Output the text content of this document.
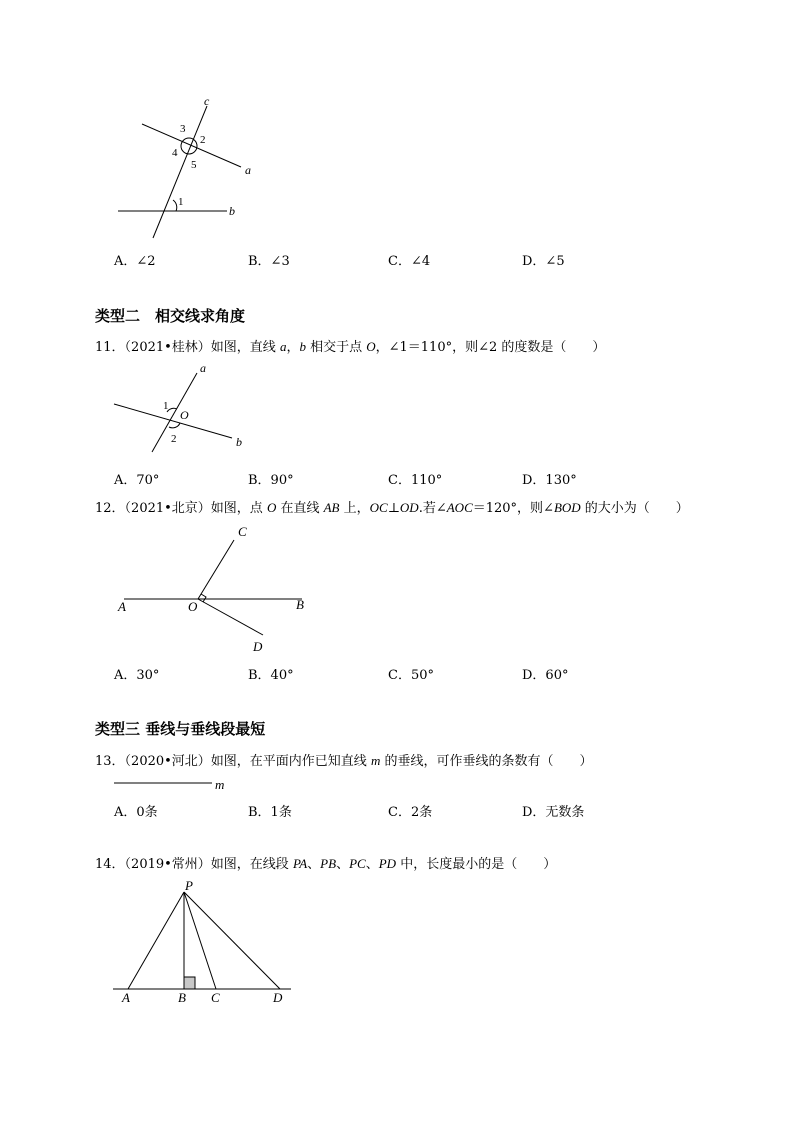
c
a
b
3
2
4
5
1
A．∠2	B．∠3	C．∠4	D．∠5
类型二　相交线求角度
11．（2021•桂林）如图，直线 a，b 相交于点 O，∠1＝110°，则∠2 的度数是（　　）
a
b
O
1
2
A．70°	B．90°	C．110°	D．130°
12．（2021•北京）如图，点 O 在直线 AB 上，OC⊥OD.若∠AOC＝120°，则∠BOD 的大小为（　　）
C
A	O	B
D
A．30°	B．40°	C．50°	D．60°
类型三 垂线与垂线段最短
13．（2020•河北）如图，在平面内作已知直线 m 的垂线，可作垂线的条数有（　　）
m
A．0条	B．1条	C．2条	D．无数条
14．（2019•常州）如图，在线段 PA、PB、PC、PD 中，长度最小的是（　　）
P
A	B C	D
